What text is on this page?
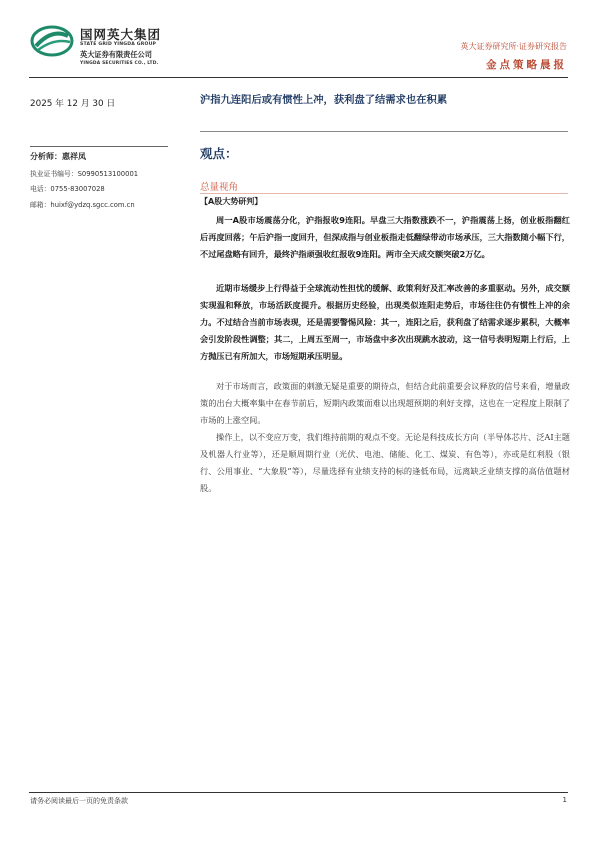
国网英大集团
STATE GRID YINGDA GROUP
英大证券有限责任公司
YINGDA SECURITIES CO., LTD.
英大证券研究所·证券研究报告
金点策略晨报
2025 年 12 月 30 日	沪指九连阳后或有惯性上冲，获利盘了结需求也在积累
分析师：惠祥凤
执业证书编号：S0990513100001
电话：0755-83007028
邮箱：huixf@ydzq.sgcc.com.cn
观点：
总量视角
【A股大势研判】
周一A股市场震荡分化，沪指报收9连阳。早盘三大指数涨跌不一，沪指震荡上扬，创业板指翻红后再度回落；午后沪指一度回升，但深成指与创业板指走低翻绿带动市场承压，三大指数随小幅下行，不过尾盘略有回升，最终沪指顽强收红报收9连阳。两市全天成交额突破2万亿。
近期市场缓步上行得益于全球流动性担忧的缓解、政策利好及汇率改善的多重驱动。另外，成交额实现温和释放，市场活跃度提升。根据历史经验，出现类似连阳走势后，市场往往仍有惯性上冲的余力。不过结合当前市场表现，还是需要警惕风险：其一，连阳之后，获利盘了结需求逐步累积，大概率会引发阶段性调整；其二，上周五至周一，市场盘中多次出现跳水波动，这一信号表明短期上行后，上方抛压已有所加大，市场短期承压明显。
对于市场而言，政策面的刺激无疑是重要的期待点，但结合此前重要会议释放的信号来看，增量政策的出台大概率集中在春节前后，短期内政策面难以出现超预期的利好支撑，这也在一定程度上限制了市场的上涨空间。
操作上，以不变应万变，我们维持前期的观点不变。无论是科技成长方向（半导体芯片、泛AI主题及机器人行业等），还是顺周期行业（光伏、电池、储能、化工、煤炭、有色等），亦或是红利股（银行、公用事业、“大象股”等），尽量选择有业绩支持的标的逢低布局，远离缺乏业绩支撑的高估值题材股。
请务必阅读最后一页的免责条款	1
